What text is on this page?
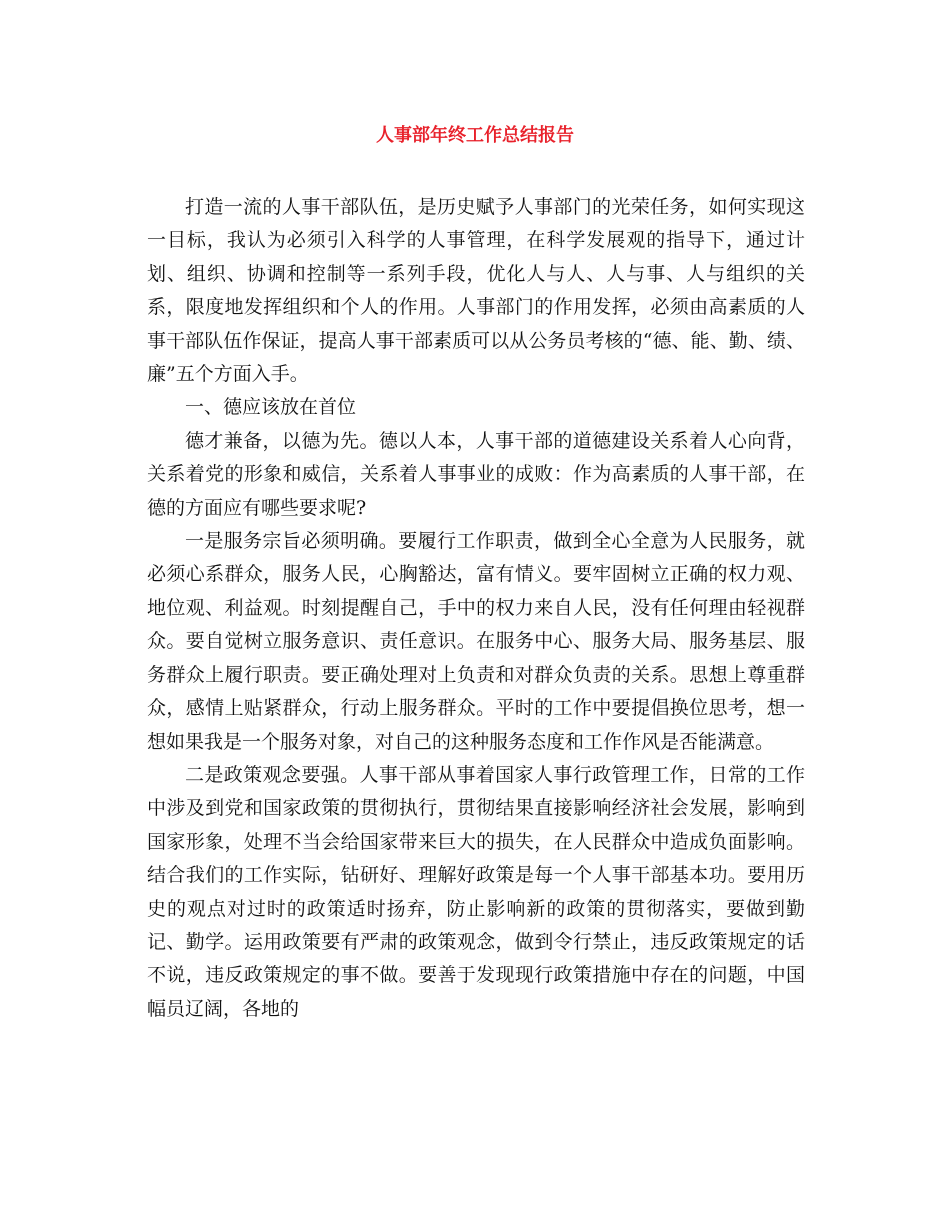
人事部年终工作总结报告

打造一流的人事干部队伍，是历史赋予人事部门的光荣任务，如何实现这一目标，我认为必须引入科学的人事管理，在科学发展观的指导下，通过计划、组织、协调和控制等一系列手段，优化人与人、人与事、人与组织的关系，限度地发挥组织和个人的作用。人事部门的作用发挥，必须由高素质的人事干部队伍作保证，提高人事干部素质可以从公务员考核的“德、能、勤、绩、廉”五个方面入手。

一、德应该放在首位

德才兼备，以德为先。德以人本，人事干部的道德建设关系着人心向背，关系着党的形象和威信，关系着人事事业的成败：作为高素质的人事干部，在德的方面应有哪些要求呢?

一是服务宗旨必须明确。要履行工作职责，做到全心全意为人民服务，就必须心系群众，服务人民，心胸豁达，富有情义。要牢固树立正确的权力观、地位观、利益观。时刻提醒自己，手中的权力来自人民，没有任何理由轻视群众。要自觉树立服务意识、责任意识。在服务中心、服务大局、服务基层、服务群众上履行职责。要正确处理对上负责和对群众负责的关系。思想上尊重群众，感情上贴紧群众，行动上服务群众。平时的工作中要提倡换位思考，想一想如果我是一个服务对象，对自己的这种服务态度和工作作风是否能满意。

二是政策观念要强。人事干部从事着国家人事行政管理工作，日常的工作中涉及到党和国家政策的贯彻执行，贯彻结果直接影响经济社会发展，影响到国家形象，处理不当会给国家带来巨大的损失，在人民群众中造成负面影响。结合我们的工作实际，钻研好、理解好政策是每一个人事干部基本功。要用历史的观点对过时的政策适时扬弃，防止影响新的政策的贯彻落实，要做到勤记、勤学。运用政策要有严肃的政策观念，做到令行禁止，违反政策规定的话不说，违反政策规定的事不做。要善于发现现行政策措施中存在的问题，中国幅员辽阔，各地的
